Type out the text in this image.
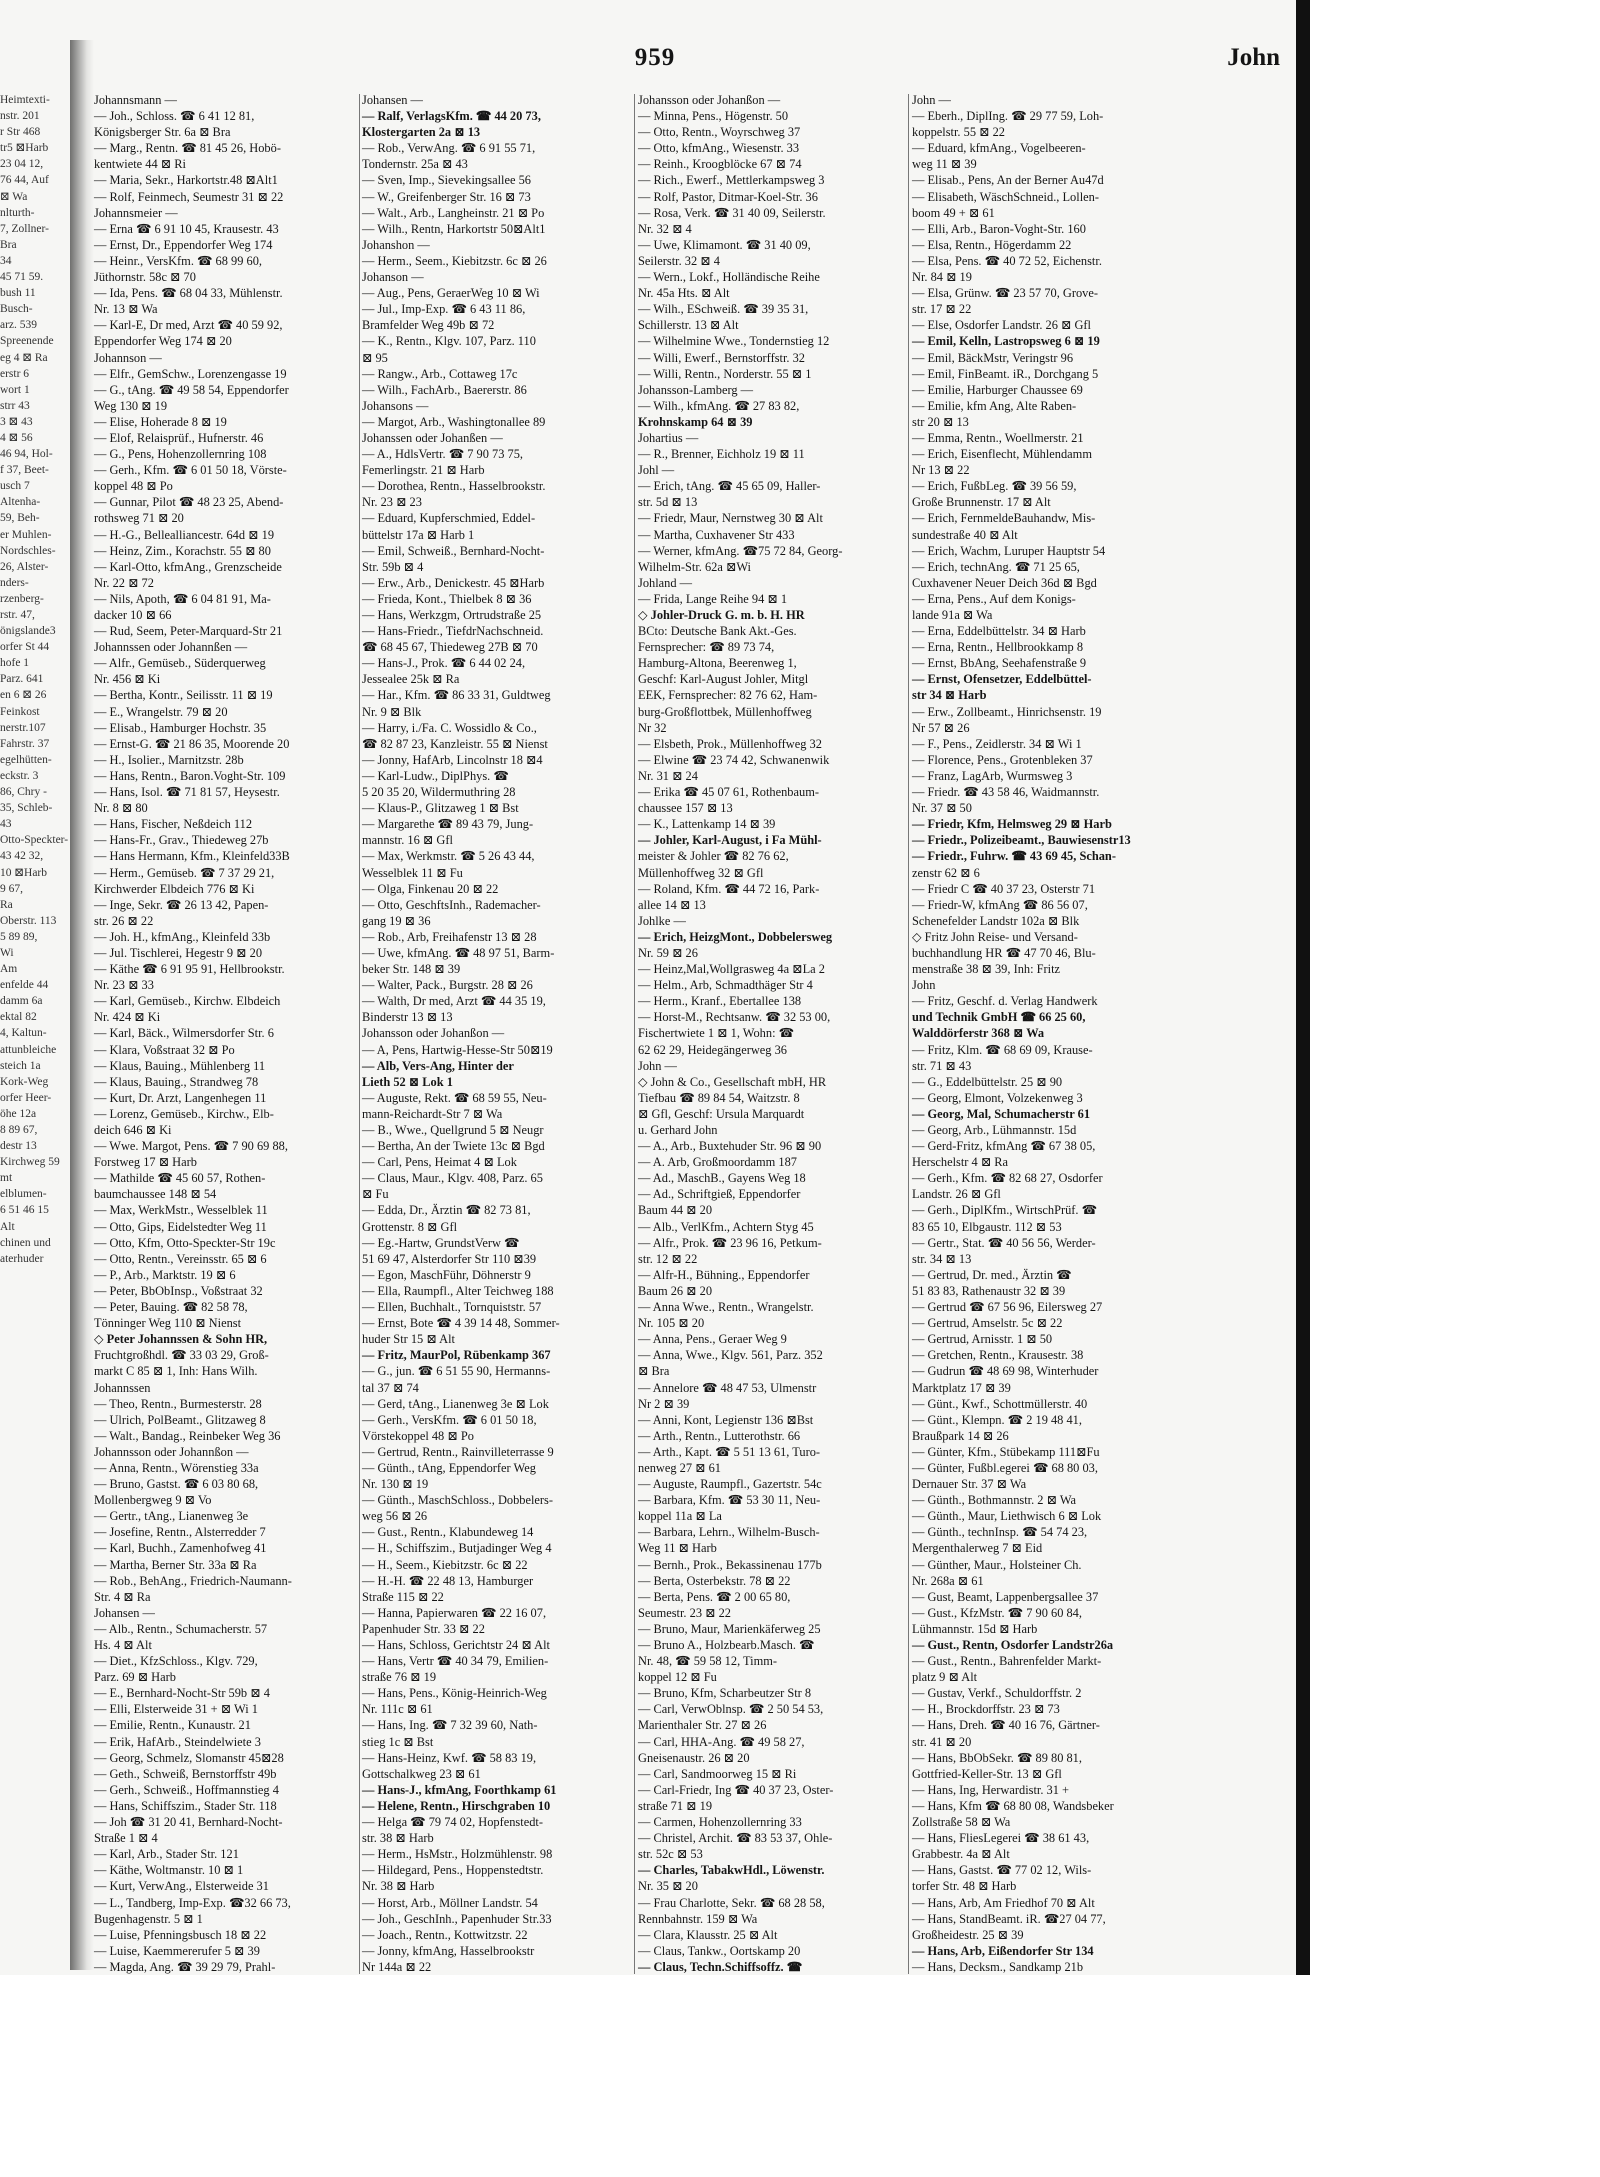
959	John

Heimtexti-

nstr. 201

r Str 468

tr5 ⊠Harb

23 04 12,

76 44, Auf

⊠ Wa

nlturth-

7, Zollner-

Bra

34

45 71 59.

bush 11

Busch-

arz. 539

Spreenende

eg 4 ⊠ Ra

erstr 6

wort 1

strr 43

3 ⊠ 43

4 ⊠ 56

46 94, Hol-

f 37, Beet-

usch 7

Altenha-

59, Beh-

er Muhlen-

Nordschles-

26, Alster-

nders-

rzenberg-

rstr. 47,

önigslande3

orfer St 44

hofe 1

Parz. 641

en 6 ⊠ 26

Feinkost

nerstr.107

Fahrstr. 37

egelhütten-

eckstr. 3

86, Chry -

35, Schleb-

43

Otto-Speckter-

43 42 32,

10 ⊠Harb

9 67,

Ra

Oberstr. 113

5 89 89,

Wi

Am

enfelde 44

damm 6a

ektal 82

4, Kaltun-

attunbleiche

steich 1a

Kork-Weg

orfer Heer-

öhe 12a

8 89 67,

destr 13

Kirchweg 59

mt

elblumen-

6 51 46 15

Alt

chinen und

aterhuder

Johannsmann —

— Joh., Schloss. ☎ 6 41 12 81,

Königsberger Str. 6a ⊠ Bra

— Marg., Rentn. ☎ 81 45 26, Hobö-

kentwiete 44 ⊠ Ri

— Maria, Sekr., Harkortstr.48 ⊠Alt1

— Rolf, Feinmech, Seumestr 31 ⊠ 22

Johannsmeier —

— Erna ☎ 6 91 10 45, Krausestr. 43

— Ernst, Dr., Eppendorfer Weg 174

— Heinr., VersKfm. ☎ 68 99 60,

Jüthornstr. 58c ⊠ 70

— Ida, Pens. ☎ 68 04 33, Mühlenstr.

Nr. 13 ⊠ Wa

— Karl-E, Dr med, Arzt ☎ 40 59 92,

Eppendorfer Weg 174 ⊠ 20

Johannson —

— Elfr., GemSchw., Lorenzengasse 19

— G., tAng. ☎ 49 58 54, Eppendorfer

Weg 130 ⊠ 19

— Elise, Hoherade 8 ⊠ 19

— Elof, Relaisprüf., Hufnerstr. 46

— G., Pens, Hohenzollernring 108

— Gerh., Kfm. ☎ 6 01 50 18, Vörste-

koppel 48 ⊠ Po

— Gunnar, Pilot ☎ 48 23 25, Abend-

rothsweg 71 ⊠ 20

— H.-G., Bellealliancestr. 64d ⊠ 19

— Heinz, Zim., Korachstr. 55 ⊠ 80

— Karl-Otto, kfmAng., Grenzscheide

Nr. 22 ⊠ 72

— Nils, Apoth, ☎ 6 04 81 91, Ma-

dacker 10 ⊠ 66

— Rud, Seem, Peter-Marquard-Str 21

Johannssen oder Johannßen —

— Alfr., Gemüseb., Süderquerweg

Nr. 456 ⊠ Ki

— Bertha, Kontr., Seilisstr. 11 ⊠ 19

— E., Wrangelstr. 79 ⊠ 20

— Elisab., Hamburger Hochstr. 35

— Ernst-G. ☎ 21 86 35, Moorende 20

— H., Isolier., Marnitzstr. 28b

— Hans, Rentn., Baron.Voght-Str. 109

— Hans, Isol. ☎ 71 81 57, Heysestr.

Nr. 8 ⊠ 80

— Hans, Fischer, Neßdeich 112

— Hans-Fr., Grav., Thiedeweg 27b

— Hans Hermann, Kfm., Kleinfeld33B

— Herm., Gemüseb. ☎ 7 37 29 21,

Kirchwerder Elbdeich 776 ⊠ Ki

— Inge, Sekr. ☎ 26 13 42, Papen-

str. 26 ⊠ 22

— Joh. H., kfmAng., Kleinfeld 33b

— Jul. Tischlerei, Hegestr 9 ⊠ 20

— Käthe ☎ 6 91 95 91, Hellbrookstr.

Nr. 23 ⊠ 33

— Karl, Gemüseb., Kirchw. Elbdeich

Nr. 424 ⊠ Ki

— Karl, Bäck., Wilmersdorfer Str. 6

— Klara, Voßstraat 32 ⊠ Po

— Klaus, Bauing., Mühlenberg 11

— Klaus, Bauing., Strandweg 78

— Kurt, Dr. Arzt, Langenhegen 11

— Lorenz, Gemüseb., Kirchw., Elb-

deich 646 ⊠ Ki

— Wwe. Margot, Pens. ☎ 7 90 69 88,

Forstweg 17 ⊠ Harb

— Mathilde ☎ 45 60 57, Rothen-

baumchaussee 148 ⊠ 54

— Max, WerkMstr., Wesselblek 11

— Otto, Gips, Eidelstedter Weg 11

— Otto, Kfm, Otto-Speckter-Str 19c

— Otto, Rentn., Vereinsstr. 65 ⊠ 6

— P., Arb., Marktstr. 19 ⊠ 6

— Peter, BbObInsp., Voßstraat 32

— Peter, Bauing. ☎ 82 58 78,

Tönninger Weg 110 ⊠ Nienst

◇ Peter Johannssen & Sohn HR,

Fruchtgroßhdl. ☎ 33 03 29, Groß-

markt C 85 ⊠ 1, Inh: Hans Wilh.

Johannssen

— Theo, Rentn., Burmesterstr. 28

— Ulrich, PolBeamt., Glitzaweg 8

— Walt., Bandag., Reinbeker Weg 36

Johannsson oder Johannßon —

— Anna, Rentn., Wörenstieg 33a

— Bruno, Gastst. ☎ 6 03 80 68,

Mollenbergweg 9 ⊠ Vo

— Gertr., tAng., Lianenweg 3e

— Josefine, Rentn., Alsterredder 7

— Karl, Buchh., Zamenhofweg 41

— Martha, Berner Str. 33a ⊠ Ra

— Rob., BehAng., Friedrich-Naumann-

Str. 4 ⊠ Ra

Johansen —

— Alb., Rentn., Schumacherstr. 57

Hs. 4 ⊠ Alt

— Diet., KfzSchloss., Klgv. 729,

Parz. 69 ⊠ Harb

— E., Bernhard-Nocht-Str 59b ⊠ 4

— Elli, Elsterweide 31 + ⊠ Wi 1

— Emilie, Rentn., Kunaustr. 21

— Erik, HafArb., Steindelwiete 3

— Georg, Schmelz, Slomanstr 45⊠28

— Geth., Schweiß, Bernstorffstr 49b

— Gerh., Schweiß., Hoffmannstieg 4

— Hans, Schiffszim., Stader Str. 118

— Joh ☎ 31 20 41, Bernhard-Nocht-

Straße 1 ⊠ 4

— Karl, Arb., Stader Str. 121

— Käthe, Woltmanstr. 10 ⊠ 1

— Kurt, VerwAng., Elsterweide 31

— L., Tandberg, Imp-Exp. ☎32 66 73,

Bugenhagenstr. 5 ⊠ 1

— Luise, Pfenningsbusch 18 ⊠ 22

— Luise, Kaemmererufer 5 ⊠ 39

— Magda, Ang. ☎ 39 29 79, Prahl-

Johansen —

— Ralf, VerlagsKfm. ☎ 44 20 73,

Klostergarten 2a ⊠ 13

— Rob., VerwAng. ☎ 6 91 55 71,

Tondernstr. 25a ⊠ 43

— Sven, Imp., Sievekingsallee 56

— W., Greifenberger Str. 16 ⊠ 73

— Walt., Arb., Langheinstr. 21 ⊠ Po

— Wilh., Rentn, Harkortstr 50⊠Alt1

Johanshon —

— Herm., Seem., Kiebitzstr. 6c ⊠ 26

Johanson —

— Aug., Pens, GeraerWeg 10 ⊠ Wi

— Jul., Imp-Exp. ☎ 6 43 11 86,

Bramfelder Weg 49b ⊠ 72

— K., Rentn., Klgv. 107, Parz. 110

⊠ 95

— Rangw., Arb., Cottaweg 17c

— Wilh., FachArb., Baererstr. 86

Johansons —

— Margot, Arb., Washingtonallee 89

Johanssen oder Johanßen —

— A., HdlsVertr. ☎ 7 90 73 75,

Femerlingstr. 21 ⊠ Harb

— Dorothea, Rentn., Hasselbrookstr.

Nr. 23 ⊠ 23

— Eduard, Kupferschmied, Eddel-

büttelstr 17a ⊠ Harb 1

— Emil, Schweiß., Bernhard-Nocht-

Str. 59b ⊠ 4

— Erw., Arb., Denickestr. 45 ⊠Harb

— Frieda, Kont., Thielbek 8 ⊠ 36

— Hans, Werkzgm, Ortrudstraße 25

— Hans-Friedr., TiefdrNachschneid.

☎ 68 45 67, Thiedeweg 27B ⊠ 70

— Hans-J., Prok. ☎ 6 44 02 24,

Jessealee 25k ⊠ Ra

— Har., Kfm. ☎ 86 33 31, Guldtweg

Nr. 9 ⊠ Blk

— Harry, i./Fa. C. Wossidlo & Co.,

☎ 82 87 23, Kanzleistr. 55 ⊠ Nienst

— Jonny, HafArb, Lincolnstr 18 ⊠4

— Karl-Ludw., DiplPhys. ☎

5 20 35 20, Wildermuthring 28

— Klaus-P., Glitzaweg 1 ⊠ Bst

— Margarethe ☎ 89 43 79, Jung-

mannstr. 16 ⊠ Gfl

— Max, Werkmstr. ☎ 5 26 43 44,

Wesselblek 11 ⊠ Fu

— Olga, Finkenau 20 ⊠ 22

— Otto, GeschftsInh., Rademacher-

gang 19 ⊠ 36

— Rob., Arb, Freihafenstr 13 ⊠ 28

— Uwe, kfmAng. ☎ 48 97 51, Barm-

beker Str. 148 ⊠ 39

— Walter, Pack., Burgstr. 28 ⊠ 26

— Walth, Dr med, Arzt ☎ 44 35 19,

Binderstr 13 ⊠ 13

Johansson oder Johanßon —

— A, Pens, Hartwig-Hesse-Str 50⊠19

— Alb, Vers-Ang, Hinter der

Lieth 52 ⊠ Lok 1

— Auguste, Rekt. ☎ 68 59 55, Neu-

mann-Reichardt-Str 7 ⊠ Wa

— B., Wwe., Quellgrund 5 ⊠ Neugr

— Bertha, An der Twiete 13c ⊠ Bgd

— Carl, Pens, Heimat 4 ⊠ Lok

— Claus, Maur., Klgv. 408, Parz. 65

⊠ Fu

— Edda, Dr., Ärztin ☎ 82 73 81,

Grottenstr. 8 ⊠ Gfl

— Eg.-Hartw, GrundstVerw ☎

51 69 47, Alsterdorfer Str 110 ⊠39

— Egon, MaschFühr, Döhnerstr 9

— Ella, Raumpfl., Alter Teichweg 188

— Ellen, Buchhalt., Tornquiststr. 57

— Ernst, Bote ☎ 4 39 14 48, Sommer-

huder Str 15 ⊠ Alt

— Fritz, MaurPol, Rübenkamp 367

— G., jun. ☎ 6 51 55 90, Hermanns-

tal 37 ⊠ 74

— Gerd, tAng., Lianenweg 3e ⊠ Lok

— Gerh., VersKfm. ☎ 6 01 50 18,

Vörstekoppel 48 ⊠ Po

— Gertrud, Rentn., Rainvilleterrasse 9

— Günth., tAng, Eppendorfer Weg

Nr. 130 ⊠ 19

— Günth., MaschSchloss., Dobbelers-

weg 56 ⊠ 26

— Gust., Rentn., Klabundeweg 14

— H., Schiffszim., Butjadinger Weg 4

— H., Seem., Kiebitzstr. 6c ⊠ 22

— H.-H. ☎ 22 48 13, Hamburger

Straße 115 ⊠ 22

— Hanna, Papierwaren ☎ 22 16 07,

Papenhuder Str. 33 ⊠ 22

— Hans, Schloss, Gerichtstr 24 ⊠ Alt

— Hans, Vertr ☎ 40 34 79, Emilien-

straße 76 ⊠ 19

— Hans, Pens., König-Heinrich-Weg

Nr. 111c ⊠ 61

— Hans, Ing. ☎ 7 32 39 60, Nath-

stieg 1c ⊠ Bst

— Hans-Heinz, Kwf. ☎ 58 83 19,

Gottschalkweg 23 ⊠ 61

— Hans-J., kfmAng, Foorthkamp 61

— Helene, Rentn., Hirschgraben 10

— Helga ☎ 79 74 02, Hopfenstedt-

str. 38 ⊠ Harb

— Herm., HsMstr., Holzmühlenstr. 98

— Hildegard, Pens., Hoppenstedtstr.

Nr. 38 ⊠ Harb

— Horst, Arb., Möllner Landstr. 54

— Joh., GeschInh., Papenhuder Str.33

— Joach., Rentn., Kottwitzstr. 22

— Jonny, kfmAng, Hasselbrookstr

Nr 144a ⊠ 22

Johansson oder Johanßon —

— Minna, Pens., Högenstr. 50

— Otto, Rentn., Woyrschweg 37

— Otto, kfmAng., Wiesenstr. 33

— Reinh., Kroogblöcke 67 ⊠ 74

— Rich., Ewerf., Mettlerkampsweg 3

— Rolf, Pastor, Ditmar-Koel-Str. 36

— Rosa, Verk. ☎ 31 40 09, Seilerstr.

Nr. 32 ⊠ 4

— Uwe, Klimamont. ☎ 31 40 09,

Seilerstr. 32 ⊠ 4

— Wern., Lokf., Holländische Reihe

Nr. 45a Hts. ⊠ Alt

— Wilh., ESchweiß. ☎ 39 35 31,

Schillerstr. 13 ⊠ Alt

— Wilhelmine Wwe., Tondernstieg 12

— Willi, Ewerf., Bernstorffstr. 32

— Willi, Rentn., Norderstr. 55 ⊠ 1

Johansson-Lamberg —

— Wilh., kfmAng. ☎ 27 83 82,

Krohnskamp 64 ⊠ 39

Johartius —

— R., Brenner, Eichholz 19 ⊠ 11

Johl —

— Erich, tAng. ☎ 45 65 09, Haller-

str. 5d ⊠ 13

— Friedr, Maur, Nernstweg 30 ⊠ Alt

— Martha, Cuxhavener Str 433

— Werner, kfmAng. ☎75 72 84, Georg-

Wilhelm-Str. 62a ⊠Wi

Johland —

— Frida, Lange Reihe 94 ⊠ 1

◇ Johler-Druck G. m. b. H. HR

BCto: Deutsche Bank Akt.-Ges.

Fernsprecher: ☎ 89 73 74,

Hamburg-Altona, Beerenweg 1,

Geschf: Karl-August Johler, Mitgl

EEK, Fernsprecher: 82 76 62, Ham-

burg-Großflottbek, Müllenhoffweg

Nr 32

— Elsbeth, Prok., Müllenhoffweg 32

— Elwine ☎ 23 74 42, Schwanenwik

Nr. 31 ⊠ 24

— Erika ☎ 45 07 61, Rothenbaum-

chaussee 157 ⊠ 13

— K., Lattenkamp 14 ⊠ 39

— Johler, Karl-August, i Fa Mühl-

meister & Johler ☎ 82 76 62,

Müllenhoffweg 32 ⊠ Gfl

— Roland, Kfm. ☎ 44 72 16, Park-

allee 14 ⊠ 13

Johlke —

— Erich, HeizgMont., Dobbelersweg

Nr. 59 ⊠ 26

— Heinz,Mal,Wollgrasweg 4a ⊠La 2

— Helm., Arb, Schmadthäger Str 4

— Herm., Kranf., Ebertallee 138

— Horst-M., Rechtsanw. ☎ 32 53 00,

Fischertwiete 1 ⊠ 1, Wohn: ☎

62 62 29, Heidegängerweg 36

John —

◇ John & Co., Gesellschaft mbH, HR

Tiefbau ☎ 89 84 54, Waitzstr. 8

⊠ Gfl, Geschf: Ursula Marquardt

u. Gerhard John

— A., Arb., Buxtehuder Str. 96 ⊠ 90

— A. Arb, Großmoordamm 187

— Ad., MaschB., Gayens Weg 18

— Ad., Schriftgieß, Eppendorfer

Baum 44 ⊠ 20

— Alb., VerlKfm., Achtern Styg 45

— Alfr., Prok. ☎ 23 96 16, Petkum-

str. 12 ⊠ 22

— Alfr-H., Bühning., Eppendorfer

Baum 26 ⊠ 20

— Anna Wwe., Rentn., Wrangelstr.

Nr. 105 ⊠ 20

— Anna, Pens., Geraer Weg 9

— Anna, Wwe., Klgv. 561, Parz. 352

⊠ Bra

— Annelore ☎ 48 47 53, Ulmenstr

Nr 2 ⊠ 39

— Anni, Kont, Legienstr 136 ⊠Bst

— Arth., Rentn., Lutterothstr. 66

— Arth., Kapt. ☎ 5 51 13 61, Turo-

nenweg 27 ⊠ 61

— Auguste, Raumpfl., Gazertstr. 54c

— Barbara, Kfm. ☎ 53 30 11, Neu-

koppel 11a ⊠ La

— Barbara, Lehrn., Wilhelm-Busch-

Weg 11 ⊠ Harb

— Bernh., Prok., Bekassinenau 177b

— Berta, Osterbekstr. 78 ⊠ 22

— Berta, Pens. ☎ 2 00 65 80,

Seumestr. 23 ⊠ 22

— Bruno, Maur, Marienkäferweg 25

— Bruno A., Holzbearb.Masch. ☎

Nr. 48, ☎ 59 58 12, Timm-

koppel 12 ⊠ Fu

— Bruno, Kfm, Scharbeutzer Str 8

— Carl, VerwOblnsp. ☎ 2 50 54 53,

Marienthaler Str. 27 ⊠ 26

— Carl, HHA-Ang. ☎ 49 58 27,

Gneisenaustr. 26 ⊠ 20

— Carl, Sandmoorweg 15 ⊠ Ri

— Carl-Friedr, Ing ☎ 40 37 23, Oster-

straße 71 ⊠ 19

— Carmen, Hohenzollernring 33

— Christel, Archit. ☎ 83 53 37, Ohle-

str. 52c ⊠ 53

— Charles, TabakwHdl., Löwenstr.

Nr. 35 ⊠ 20

— Frau Charlotte, Sekr. ☎ 68 28 58,

Rennbahnstr. 159 ⊠ Wa

— Clara, Klausstr. 25 ⊠ Alt

— Claus, Tankw., Oortskamp 20

— Claus, Techn.Schiffsoffz. ☎

John —

— Eberh., DiplIng. ☎ 29 77 59, Loh-

koppelstr. 55 ⊠ 22

— Eduard, kfmAng., Vogelbeeren-

weg 11 ⊠ 39

— Elisab., Pens, An der Berner Au47d

— Elisabeth, WäschSchneid., Lollen-

boom 49 + ⊠ 61

— Elli, Arb., Baron-Voght-Str. 160

— Elsa, Rentn., Högerdamm 22

— Elsa, Pens. ☎ 40 72 52, Eichenstr.

Nr. 84 ⊠ 19

— Elsa, Grünw. ☎ 23 57 70, Grove-

str. 17 ⊠ 22

— Else, Osdorfer Landstr. 26 ⊠ Gfl

— Emil, Kelln, Lastropsweg 6 ⊠ 19

— Emil, BäckMstr, Veringstr 96

— Emil, FinBeamt. iR., Dorchgang 5

— Emilie, Harburger Chaussee 69

— Emilie, kfm Ang, Alte Raben-

str 20 ⊠ 13

— Emma, Rentn., Woellmerstr. 21

— Erich, Eisenflecht, Mühlendamm

Nr 13 ⊠ 22

— Erich, FußbLeg. ☎ 39 56 59,

Große Brunnenstr. 17 ⊠ Alt

— Erich, FernmeldeBauhandw, Mis-

sundestraße 40 ⊠ Alt

— Erich, Wachm, Luruper Hauptstr 54

— Erich, technAng. ☎ 71 25 65,

Cuxhavener Neuer Deich 36d ⊠ Bgd

— Erna, Pens., Auf dem Konigs-

lande 91a ⊠ Wa

— Erna, Eddelbüttelstr. 34 ⊠ Harb

— Erna, Rentn., Hellbrookkamp 8

— Ernst, BbAng, Seehafenstraße 9

— Ernst, Ofensetzer, Eddelbüttel-

str 34 ⊠ Harb

— Erw., Zollbeamt., Hinrichsenstr. 19

Nr 57 ⊠ 26

— F., Pens., Zeidlerstr. 34 ⊠ Wi 1

— Florence, Pens., Grotenbleken 37

— Franz, LagArb, Wurmsweg 3

— Friedr. ☎ 43 58 46, Waidmannstr.

Nr. 37 ⊠ 50

— Friedr, Kfm, Helmsweg 29 ⊠ Harb

— Friedr., Polizeibeamt., Bauwiesenstr13

— Friedr., Fuhrw. ☎ 43 69 45, Schan-

zenstr 62 ⊠ 6

— Friedr C ☎ 40 37 23, Osterstr 71

— Friedr-W, kfmAng ☎ 86 56 07,

Schenefelder Landstr 102a ⊠ Blk

◇ Fritz John Reise- und Versand-

buchhandlung HR ☎ 47 70 46, Blu-

menstraße 38 ⊠ 39, Inh: Fritz

John

— Fritz, Geschf. d. Verlag Handwerk

und Technik GmbH ☎ 66 25 60,

Walddörferstr 368 ⊠ Wa

— Fritz, Klm. ☎ 68 69 09, Krause-

str. 71 ⊠ 43

— G., Eddelbüttelstr. 25 ⊠ 90

— Georg, Elmont, Volzekenweg 3

— Georg, Mal, Schumacherstr 61

— Georg, Arb., Lühmannstr. 15d

— Gerd-Fritz, kfmAng ☎ 67 38 05,

Herschelstr 4 ⊠ Ra

— Gerh., Kfm. ☎ 82 68 27, Osdorfer

Landstr. 26 ⊠ Gfl

— Gerh., DiplKfm., WirtschPrüf. ☎

83 65 10, Elbgaustr. 112 ⊠ 53

— Gertr., Stat. ☎ 40 56 56, Werder-

str. 34 ⊠ 13

— Gertrud, Dr. med., Ärztin ☎

51 83 83, Rathenaustr 32 ⊠ 39

— Gertrud ☎ 67 56 96, Eilersweg 27

— Gertrud, Amselstr. 5c ⊠ 22

— Gertrud, Arnisstr. 1 ⊠ 50

— Gretchen, Rentn., Krausestr. 38

— Gudrun ☎ 48 69 98, Winterhuder

Marktplatz 17 ⊠ 39

— Günt., Kwf., Schottmüllerstr. 40

— Günt., Klempn. ☎ 2 19 48 41,

Braußpark 14 ⊠ 26

— Günter, Kfm., Stübekamp 111⊠Fu

— Günter, Fußbl.egerei ☎ 68 80 03,

Dernauer Str. 37 ⊠ Wa

— Günth., Bothmannstr. 2 ⊠ Wa

— Günth., Maur, Liethwisch 6 ⊠ Lok

— Günth., technInsp. ☎ 54 74 23,

Mergenthalerweg 7 ⊠ Eid

— Günther, Maur., Holsteiner Ch.

Nr. 268a ⊠ 61

— Gust, Beamt, Lappenbergsallee 37

— Gust., KfzMstr. ☎ 7 90 60 84,

Lühmannstr. 15d ⊠ Harb

— Gust., Rentn, Osdorfer Landstr26a

— Gust., Rentn., Bahrenfelder Markt-

platz 9 ⊠ Alt

— Gustav, Verkf., Schuldorffstr. 2

— H., Brockdorffstr. 23 ⊠ 73

— Hans, Dreh. ☎ 40 16 76, Gärtner-

str. 41 ⊠ 20

— Hans, BbObSekr. ☎ 89 80 81,

Gottfried-Keller-Str. 13 ⊠ Gfl

— Hans, Ing, Herwardistr. 31 +

— Hans, Kfm ☎ 68 80 08, Wandsbeker

Zollstraße 58 ⊠ Wa

— Hans, FliesLegerei ☎ 38 61 43,

Grabbestr. 4a ⊠ Alt

— Hans, Gastst. ☎ 77 02 12, Wils-

torfer Str. 48 ⊠ Harb

— Hans, Arb, Am Friedhof 70 ⊠ Alt

— Hans, StandBeamt. iR. ☎27 04 77,

Großheidestr. 25 ⊠ 39

— Hans, Arb, Eißendorfer Str 134

— Hans, Decksm., Sandkamp 21b
